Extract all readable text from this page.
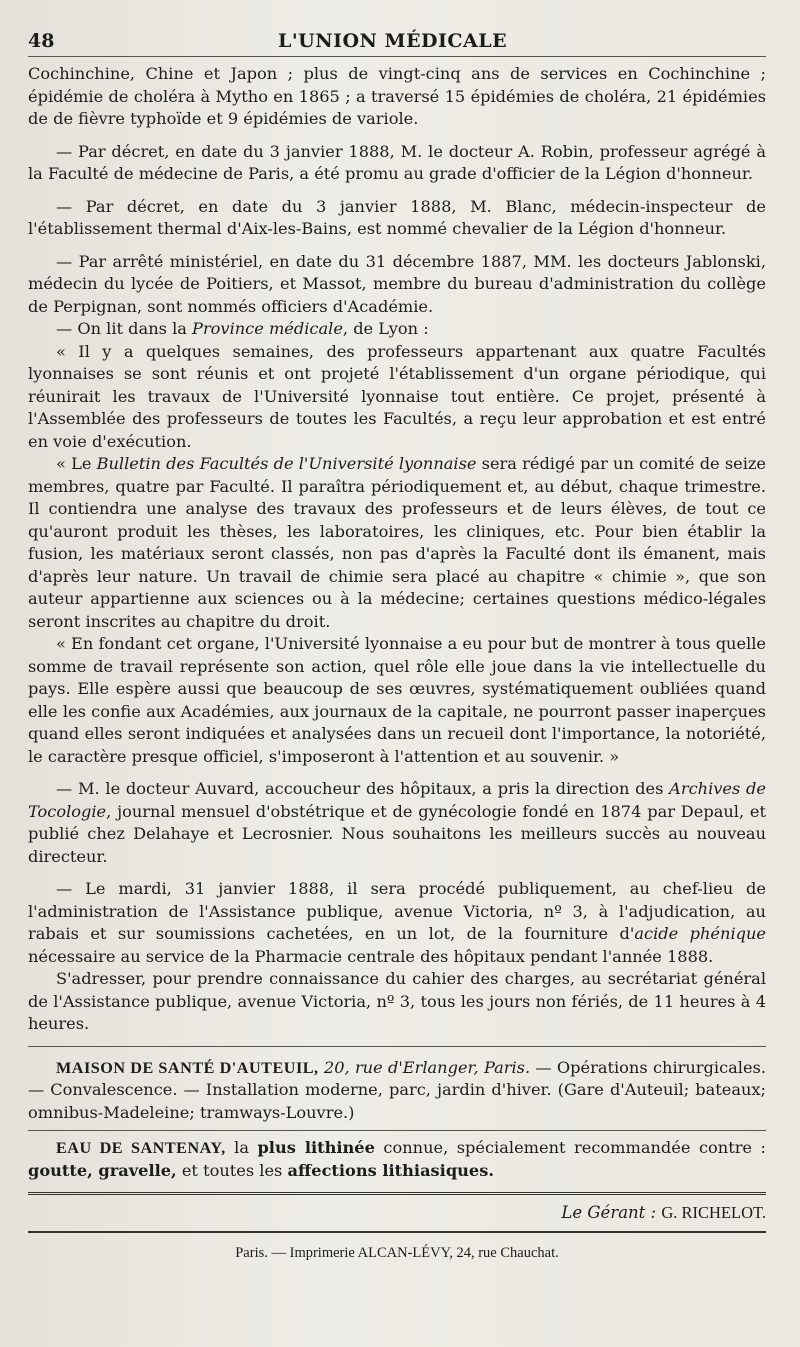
48	L'UNION MÉDICALE

Cochinchine, Chine et Japon ; plus de vingt-cinq ans de services en Cochinchine ; épidémie de choléra à Mytho en 1865 ; a traversé 15 épidémies de choléra, 21 épidémies de de fièvre typhoïde et 9 épidémies de variole.

— Par décret, en date du 3 janvier 1888, M. le docteur A. Robin, professeur agrégé à la Faculté de médecine de Paris, a été promu au grade d'officier de la Légion d'honneur.

— Par décret, en date du 3 janvier 1888, M. Blanc, médecin-inspecteur de l'établissement thermal d'Aix-les-Bains, est nommé chevalier de la Légion d'honneur.

— Par arrêté ministériel, en date du 31 décembre 1887, MM. les docteurs Jablonski, médecin du lycée de Poitiers, et Massot, membre du bureau d'administration du collège de Perpignan, sont nommés officiers d'Académie.

— On lit dans la Province médicale, de Lyon :

« Il y a quelques semaines, des professeurs appartenant aux quatre Facultés lyonnaises se sont réunis et ont projeté l'établissement d'un organe périodique, qui réunirait les travaux de l'Université lyonnaise tout entière. Ce projet, présenté à l'Assemblée des professeurs de toutes les Facultés, a reçu leur approbation et est entré en voie d'exécution.

« Le Bulletin des Facultés de l'Université lyonnaise sera rédigé par un comité de seize membres, quatre par Faculté. Il paraîtra périodiquement et, au début, chaque trimestre. Il contiendra une analyse des travaux des professeurs et de leurs élèves, de tout ce qu'auront produit les thèses, les laboratoires, les cliniques, etc. Pour bien établir la fusion, les matériaux seront classés, non pas d'après la Faculté dont ils émanent, mais d'après leur nature. Un travail de chimie sera placé au chapitre « chimie », que son auteur appartienne aux sciences ou à la médecine; certaines questions médico-légales seront inscrites au chapitre du droit.

« En fondant cet organe, l'Université lyonnaise a eu pour but de montrer à tous quelle somme de travail représente son action, quel rôle elle joue dans la vie intellectuelle du pays. Elle espère aussi que beaucoup de ses œuvres, systématiquement oubliées quand elle les confie aux Académies, aux journaux de la capitale, ne pourront passer inaperçues quand elles seront indiquées et analysées dans un recueil dont l'importance, la notoriété, le caractère presque officiel, s'imposeront à l'attention et au souvenir. »

— M. le docteur Auvard, accoucheur des hôpitaux, a pris la direction des Archives de Tocologie, journal mensuel d'obstétrique et de gynécologie fondé en 1874 par Depaul, et publié chez Delahaye et Lecrosnier. Nous souhaitons les meilleurs succès au nouveau directeur.

— Le mardi, 31 janvier 1888, il sera procédé publiquement, au chef-lieu de l'administration de l'Assistance publique, avenue Victoria, nº 3, à l'adjudication, au rabais et sur soumissions cachetées, en un lot, de la fourniture d'acide phénique nécessaire au service de la Pharmacie centrale des hôpitaux pendant l'année 1888.

S'adresser, pour prendre connaissance du cahier des charges, au secrétariat général de l'Assistance publique, avenue Victoria, nº 3, tous les jours non fériés, de 11 heures à 4 heures.

MAISON DE SANTÉ D'AUTEUIL, 20, rue d'Erlanger, Paris. — Opérations chirurgicales. — Convalescence. — Installation moderne, parc, jardin d'hiver. (Gare d'Auteuil; bateaux; omnibus-Madeleine; tramways-Louvre.)

EAU DE SANTENAY, la plus lithinée connue, spécialement recommandée contre : goutte, gravelle, et toutes les affections lithiasiques.

Le Gérant : G. RICHELOT.
Paris. — Imprimerie ALCAN-LÉVY, 24, rue Chauchat.
